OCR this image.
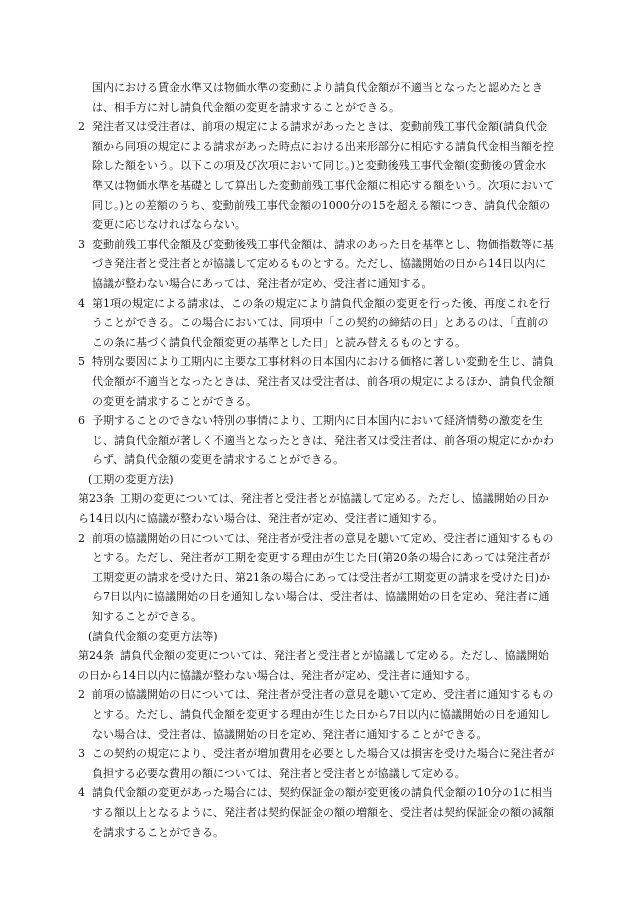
国内における賃金水準又は物価水準の変動により請負代金額が不適当となったと認めたときは、相手方に対し請負代金額の変更を請求することができる。

2 発注者又は受注者は、前項の規定による請求があったときは、変動前残工事代金額(請負代金額から同項の規定による請求があった時点における出来形部分に相応する請負代金相当額を控除した額をいう。以下この項及び次項において同じ。)と変動後残工事代金額(変動後の賃金水準又は物価水準を基礎として算出した変動前残工事代金額に相応する額をいう。次項において同じ。)との差額のうち、変動前残工事代金額の1000分の15を超える額につき、請負代金額の変更に応じなければならない。

3 変動前残工事代金額及び変動後残工事代金額は、請求のあった日を基準とし、物価指数等に基づき発注者と受注者とが協議して定めるものとする。ただし、協議開始の日から14日以内に協議が整わない場合にあっては、発注者が定め、受注者に通知する。

4 第1項の規定による請求は、この条の規定により請負代金額の変更を行った後、再度これを行うことができる。この場合においては、同項中「この契約の締結の日」とあるのは、「直前のこの条に基づく請負代金額変更の基準とした日」と読み替えるものとする。

5 特別な要因により工期内に主要な工事材料の日本国内における価格に著しい変動を生じ、請負代金額が不適当となったときは、発注者又は受注者は、前各項の規定によるほか、請負代金額の変更を請求することができる。

6 予期することのできない特別の事情により、工期内に日本国内において経済情勢の激変を生じ、請負代金額が著しく不適当となったときは、発注者又は受注者は、前各項の規定にかかわらず、請負代金額の変更を請求することができる。

(工期の変更方法)

第23条 工期の変更については、発注者と受注者とが協議して定める。ただし、協議開始の日から14日以内に協議が整わない場合は、発注者が定め、受注者に通知する。

2 前項の協議開始の日については、発注者が受注者の意見を聴いて定め、受注者に通知するものとする。ただし、発注者が工期を変更する理由が生じた日(第20条の場合にあっては発注者が工期変更の請求を受けた日、第21条の場合にあっては受注者が工期変更の請求を受けた日)から7日以内に協議開始の日を通知しない場合は、受注者は、協議開始の日を定め、発注者に通知することができる。

(請負代金額の変更方法等)

第24条 請負代金額の変更については、発注者と受注者とが協議して定める。ただし、協議開始の日から14日以内に協議が整わない場合は、発注者が定め、受注者に通知する。

2 前項の協議開始の日については、発注者が受注者の意見を聴いて定め、受注者に通知するものとする。ただし、請負代金額を変更する理由が生じた日から7日以内に協議開始の日を通知しない場合は、受注者は、協議開始の日を定め、発注者に通知することができる。

3 この契約の規定により、受注者が増加費用を必要とした場合又は損害を受けた場合に発注者が負担する必要な費用の額については、発注者と受注者とが協議して定める。

4 請負代金額の変更があった場合には、契約保証金の額が変更後の請負代金額の10分の1に相当する額以上となるように、発注者は契約保証金の額の増額を、受注者は契約保証金の額の減額を請求することができる。
